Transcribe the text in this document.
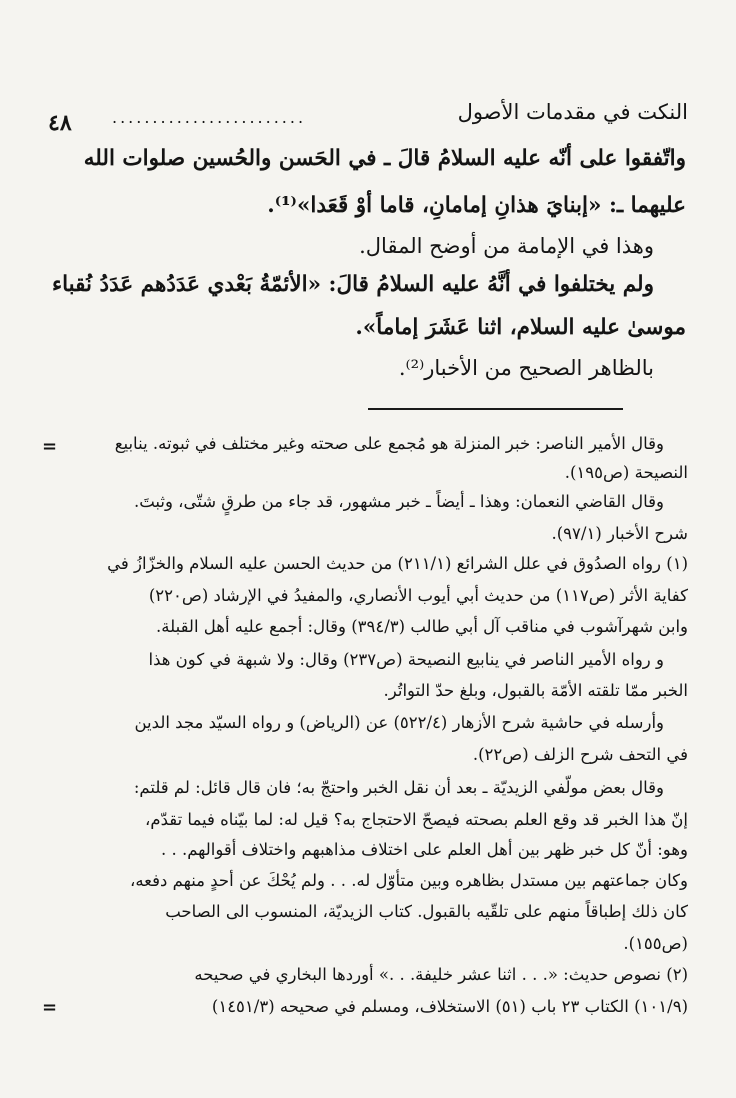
٤٨	........................	النكت في مقدمات الأصول
واتّفقوا على أنّه عليه السلامُ قالَ ـ في الحَسن والحُسين صلوات الله
عليهما ـ: «إبنايَ هذانِ إمامانِ، قاما أوْ قَعَدا»⁽¹⁾.
وهذا في الإمامة من أوضح المقال.
ولم يختلفوا في أنَّهُ عليه السلامُ قالَ: «الأئمّةُ بَعْدي عَدَدُهم عَدَدُ نُقباء
موسىٰ عليه السلام، اثنا عَشَرَ إماماً».
بالظاهر الصحيح من الأخبار⁽²⁾.
=	وقال الأمير الناصر: خبر المنزلة هو مُجمع على صحته وغير مختلف في ثبوته. ينابيع
النصيحة (ص١٩٥).
وقال القاضي النعمان: وهذا ـ أيضاً ـ خبر مشهور، قد جاء من طرقٍ شتّى، وثبتَ.
شرح الأخبار (٩٧/١).
(١) رواه الصدُوق في علل الشرائع (٢١١/١) من حديث الحسن عليه السلام والخزّازُ في
كفاية الأثر (ص١١٧) من حديث أبي أيوب الأنصاري، والمفيدُ في الإرشاد (ص٢٢٠)
وابن شهرآشوب في مناقب آل أبي طالب (٣٩٤/٣) وقال: أجمع عليه أهل القبلة.
و رواه الأمير الناصر في ينابيع النصيحة (ص٢٣٧) وقال: ولا شبهة في كون هذا
الخبر ممّا تلقته الأمّة بالقبول، وبلغ حدّ التواتُر.
وأرسله في حاشية شرح الأزهار (٥٢٢/٤) عن (الرياض) و رواه السيّد مجد الدين
في التحف شرح الزلف (ص٢٢).
وقال بعض مولّفي الزيديّة ـ بعد أن نقل الخبر واحتجّ به؛ فان قال قائل: لم قلتم:
إنّ هذا الخبر قد وقع العلم بصحته فيصحّ الاحتجاج به؟ قيل له: لما بيّناه فيما تقدّم،
وهو: أنّ كل خبر ظهر بين أهل العلم على اختلاف مذاهبهم واختلاف أقوالهم. . .
وكان جماعتهم بين مستدل بظاهره وبين متأوّل له. . . ولم يُحْكَ عن أحدٍ منهم دفعه،
كان ذلك إطباقاً منهم على تلقّيه بالقبول. كتاب الزيديّة، المنسوب الى الصاحب
(ص١٥٥).
(٢) نصوص حديث: «. . . اثنا عشر خليفة. . .» أوردها البخاري في صحيحه
(١٠١/٩) الكتاب ٢٣ باب (٥١) الاستخلاف، ومسلم في صحيحه (١٤٥١/٣)
=
